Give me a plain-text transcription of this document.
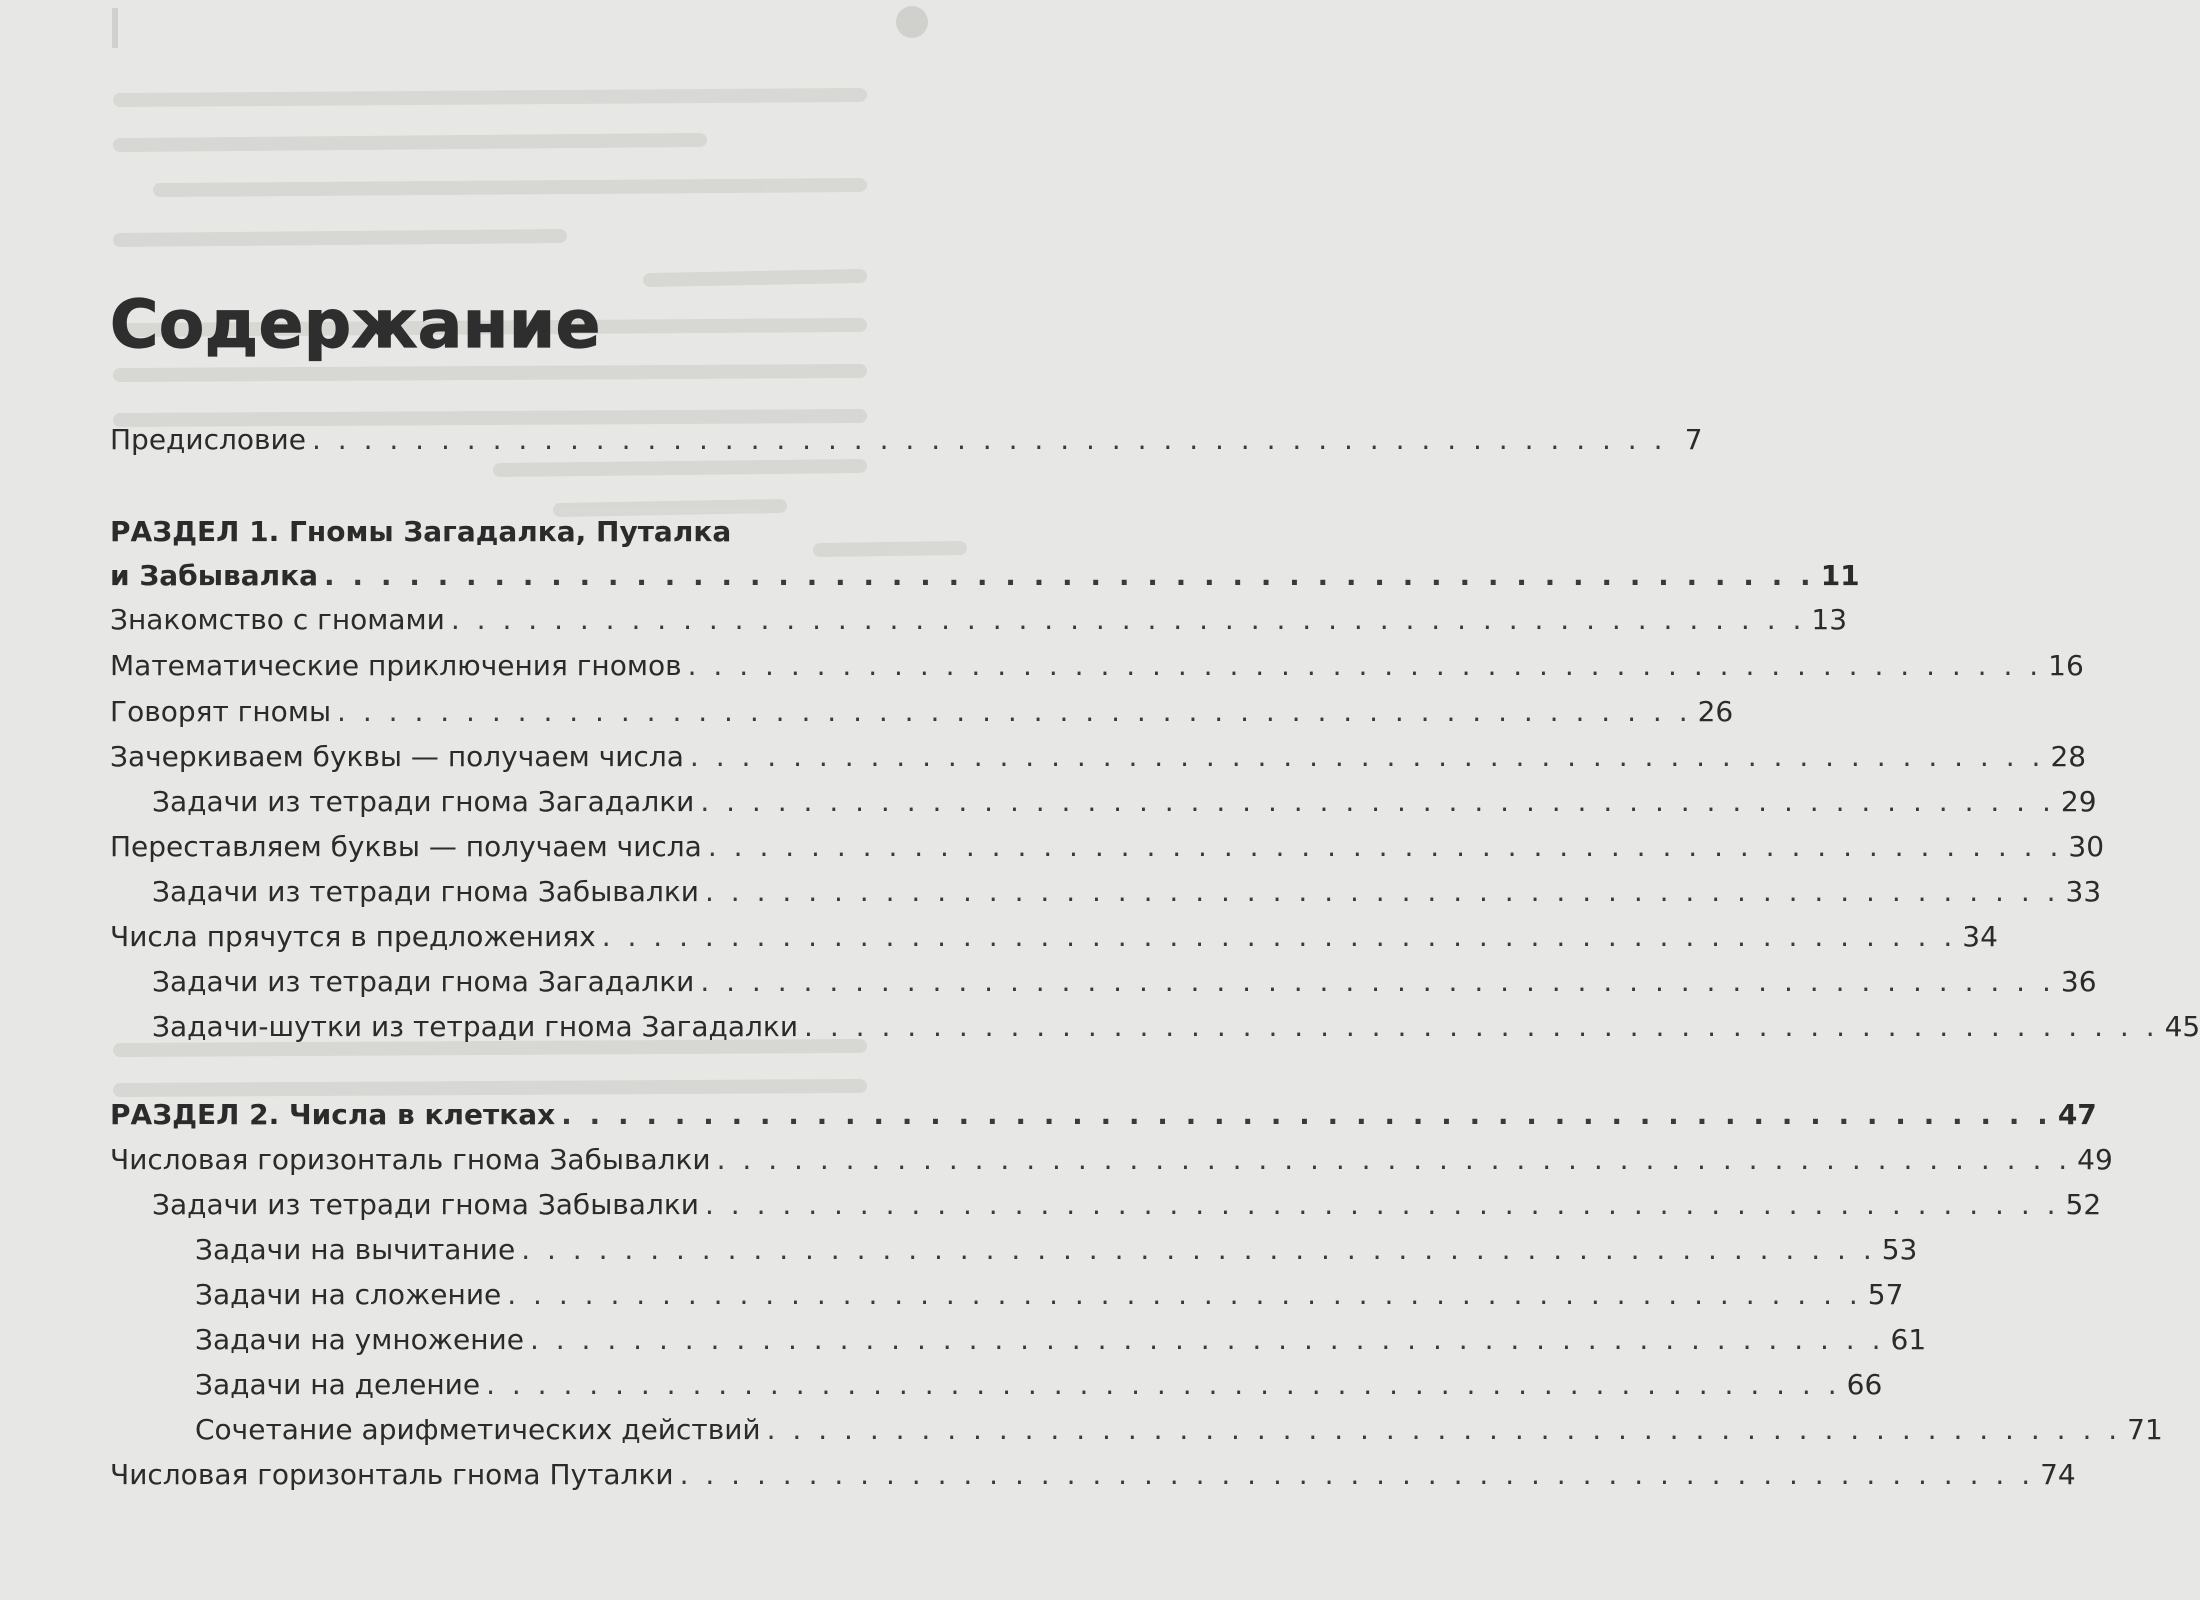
Содержание
Предисловие . . . . . . . . . . . . . . . . . . . . . . . . . . . . . . . . . . . . . . . . . . . . . . . . . . . . . 7
РАЗДЕЛ 1. Гномы Загадалка, Путалка
и Забывалка . . . . . . . . . . . . . . . . . . . . . . . . . . . . . . . . . . . . . . . . . . . . . . . . . . . . . 11
Знакомство с гномами . . . . . . . . . . . . . . . . . . . . . . . . . . . . . . . . . . . . . . . . . . . . . . . . . . . . . 13
Математические приключения гномов . . . . . . . . . . . . . . . . . . . . . . . . . . . . . . . . . . . . . . . . . . . . . . . . . . . . . 16
Говорят гномы . . . . . . . . . . . . . . . . . . . . . . . . . . . . . . . . . . . . . . . . . . . . . . . . . . . . . 26
Зачеркиваем буквы — получаем числа . . . . . . . . . . . . . . . . . . . . . . . . . . . . . . . . . . . . . . . . . . . . . . . . . . . . . 28
Задачи из тетради гнома Загадалки . . . . . . . . . . . . . . . . . . . . . . . . . . . . . . . . . . . . . . . . . . . . . . . . . . . . . 29
Переставляем буквы — получаем числа . . . . . . . . . . . . . . . . . . . . . . . . . . . . . . . . . . . . . . . . . . . . . . . . . . . . . 30
Задачи из тетради гнома Забывалки . . . . . . . . . . . . . . . . . . . . . . . . . . . . . . . . . . . . . . . . . . . . . . . . . . . . . 33
Числа прячутся в предложениях . . . . . . . . . . . . . . . . . . . . . . . . . . . . . . . . . . . . . . . . . . . . . . . . . . . . . 34
Задачи из тетради гнома Загадалки . . . . . . . . . . . . . . . . . . . . . . . . . . . . . . . . . . . . . . . . . . . . . . . . . . . . . 36
Задачи-шутки из тетради гнома Загадалки . . . . . . . . . . . . . . . . . . . . . . . . . . . . . . . . . . . . . . . . . . . . . . . . . . . . . 45
РАЗДЕЛ 2. Числа в клетках . . . . . . . . . . . . . . . . . . . . . . . . . . . . . . . . . . . . . . . . . . . . . . . . . . . . . 47
Числовая горизонталь гнома Забывалки . . . . . . . . . . . . . . . . . . . . . . . . . . . . . . . . . . . . . . . . . . . . . . . . . . . . . 49
Задачи из тетради гнома Забывалки . . . . . . . . . . . . . . . . . . . . . . . . . . . . . . . . . . . . . . . . . . . . . . . . . . . . . 52
Задачи на вычитание . . . . . . . . . . . . . . . . . . . . . . . . . . . . . . . . . . . . . . . . . . . . . . . . . . . . . 53
Задачи на сложение . . . . . . . . . . . . . . . . . . . . . . . . . . . . . . . . . . . . . . . . . . . . . . . . . . . . . 57
Задачи на умножение . . . . . . . . . . . . . . . . . . . . . . . . . . . . . . . . . . . . . . . . . . . . . . . . . . . . . 61
Задачи на деление . . . . . . . . . . . . . . . . . . . . . . . . . . . . . . . . . . . . . . . . . . . . . . . . . . . . . 66
Сочетание арифметических действий . . . . . . . . . . . . . . . . . . . . . . . . . . . . . . . . . . . . . . . . . . . . . . . . . . . . . 71
Числовая горизонталь гнома Путалки . . . . . . . . . . . . . . . . . . . . . . . . . . . . . . . . . . . . . . . . . . . . . . . . . . . . . 74
